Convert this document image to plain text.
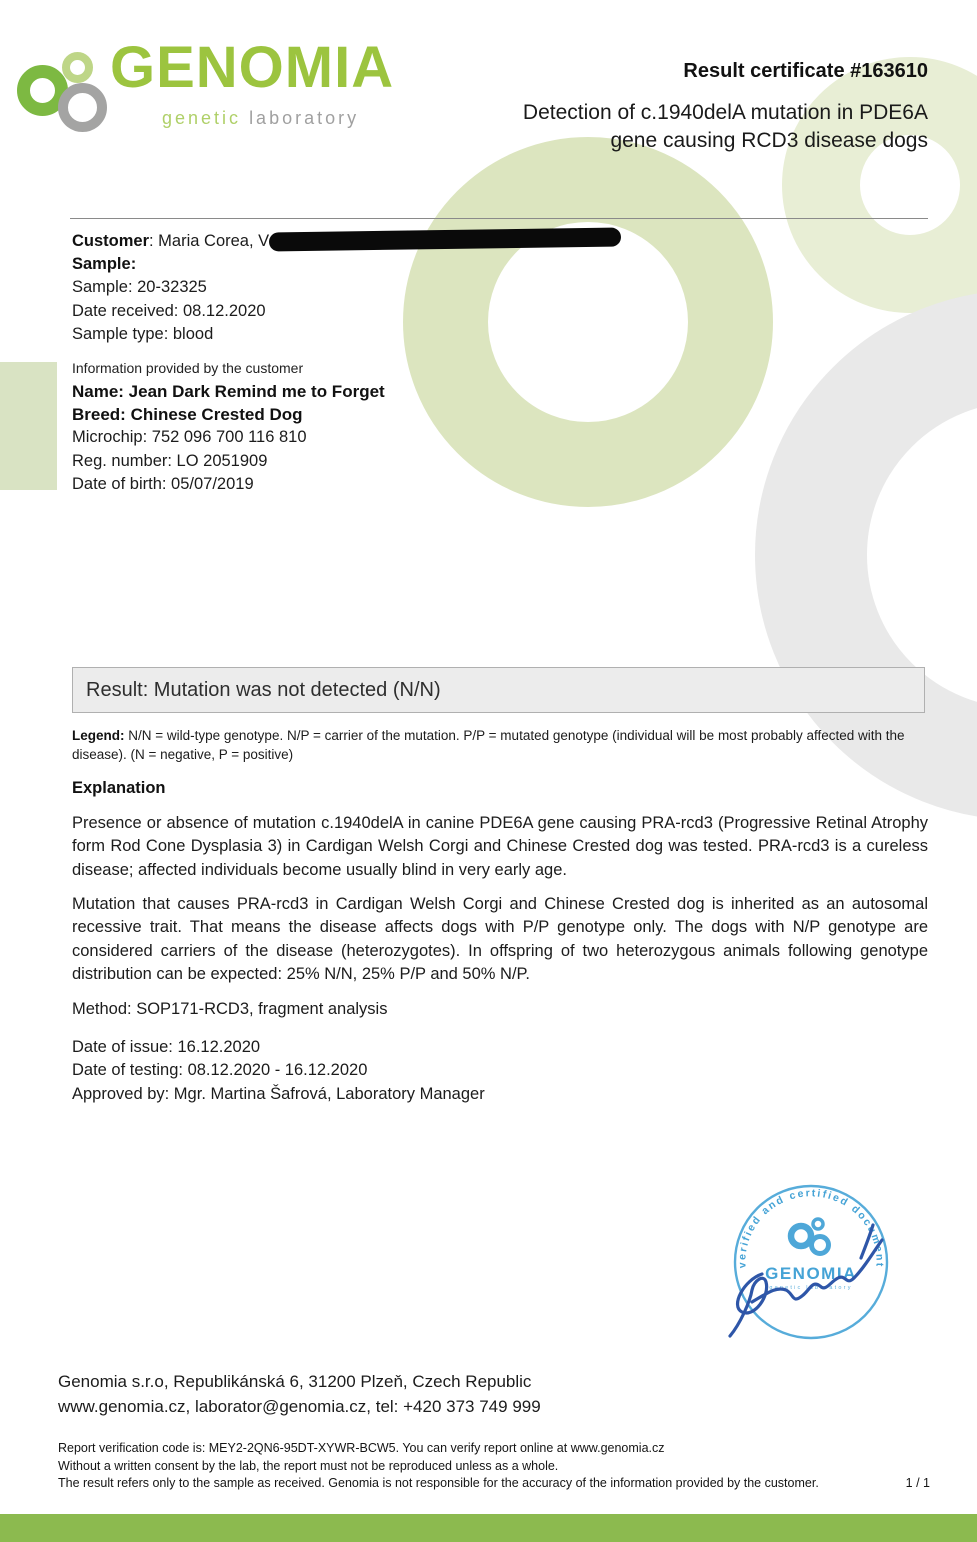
GENOMIA
genetic laboratory
Result certificate #163610
Detection of c.1940delA mutation in PDE6A
gene causing RCD3 disease dogs
Customer: Maria Corea, V
Sample:
Sample: 20-32325
Date received: 08.12.2020
Sample type: blood
Information provided by the customer
Name: Jean Dark Remind me to Forget
Breed: Chinese Crested Dog
Microchip: 752 096 700 116 810
Reg. number: LO 2051909
Date of birth: 05/07/2019
Result: Mutation was not detected (N/N)
Legend: N/N = wild-type genotype. N/P = carrier of the mutation. P/P = mutated genotype (individual will be most probably affected with the disease). (N = negative, P = positive)
Explanation
Presence or absence of mutation c.1940delA in canine PDE6A gene causing PRA-rcd3 (Progressive Retinal Atrophy form Rod Cone Dysplasia 3) in Cardigan Welsh Corgi and Chinese Crested dog was tested. PRA-rcd3 is a cureless disease; affected individuals become usually blind in very early age.
Mutation that causes PRA-rcd3 in Cardigan Welsh Corgi and Chinese Crested dog is inherited as an autosomal recessive trait. That means the disease affects dogs with P/P genotype only. The dogs with N/P genotype are considered carriers of the disease (heterozygotes). In offspring of two heterozygous animals following genotype distribution can be expected: 25% N/N, 25% P/P and 50% N/P.
Method: SOP171-RCD3, fragment analysis
Date of issue: 16.12.2020
Date of testing: 08.12.2020 - 16.12.2020
Approved by: Mgr. Martina Šafrová, Laboratory Manager
verified and certified document
GENOMIA
genetic laboratory
Genomia s.r.o, Republikánská 6, 31200 Plzeň, Czech Republic
www.genomia.cz, laborator@genomia.cz, tel: +420 373 749 999
Report verification code is: MEY2-2QN6-95DT-XYWR-BCW5. You can verify report online at www.genomia.cz
Without a written consent by the lab, the report must not be reproduced unless as a whole.
The result refers only to the sample as received. Genomia is not responsible for the accuracy of the information provided by the customer.	1 / 1
